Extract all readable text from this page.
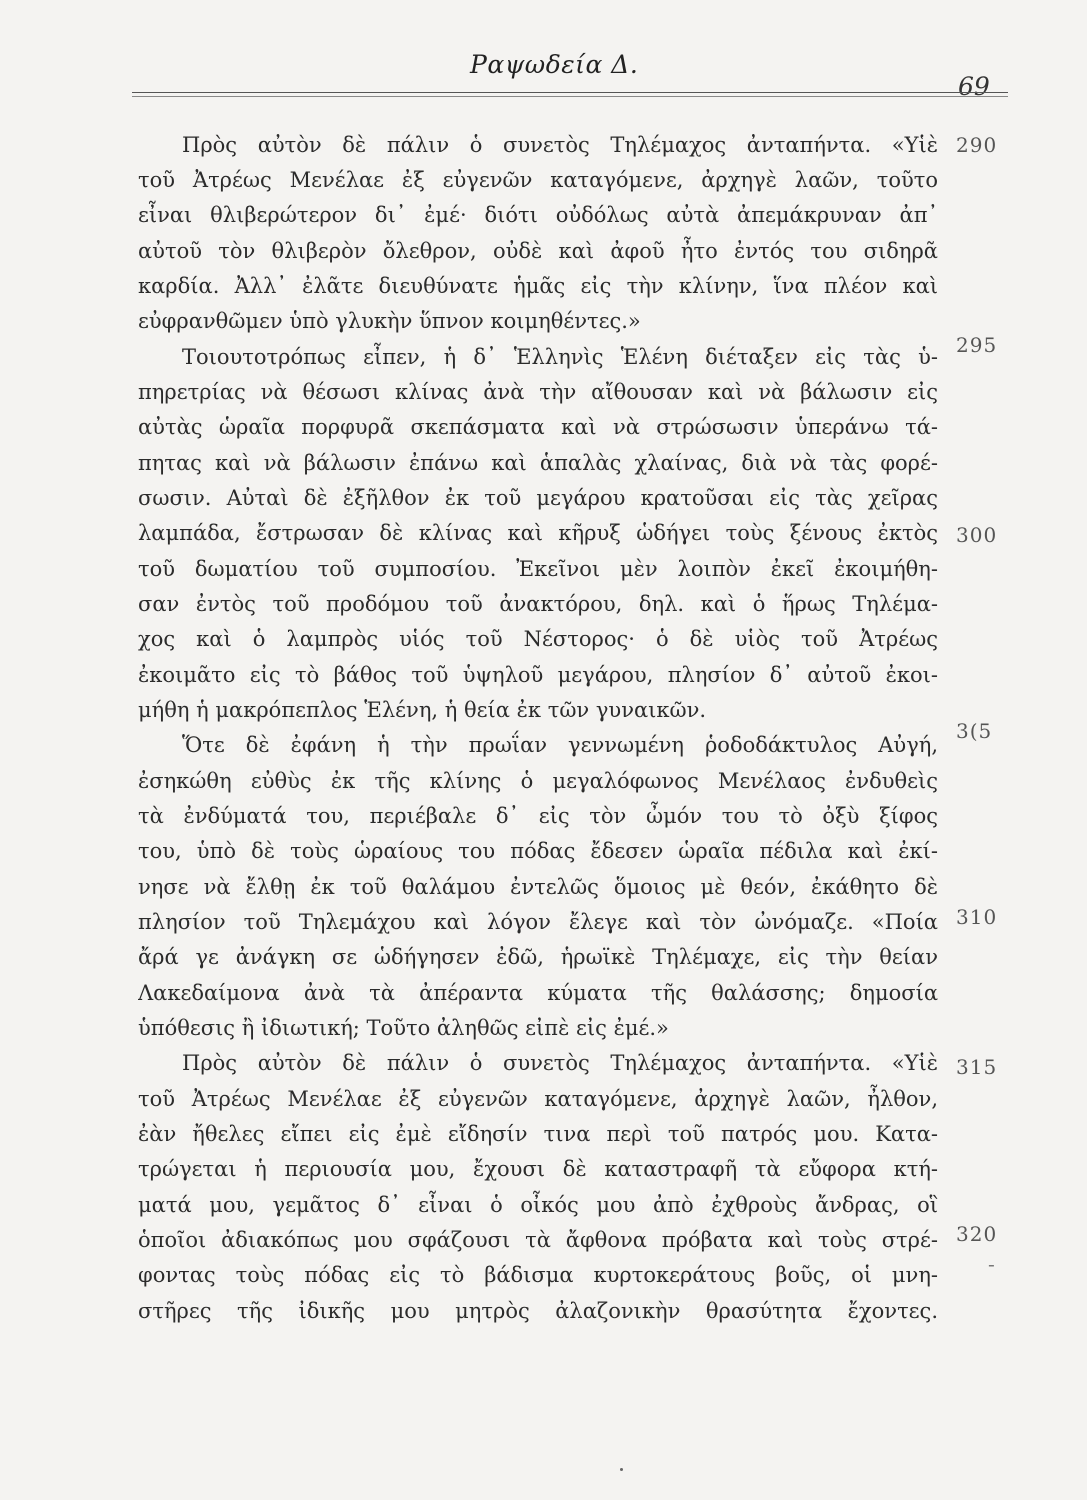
Ραψωδεία Δ.
69
Πρὸς αὐτὸν δὲ πάλιν ὁ συνετὸς Τηλέμαχος ἀνταπήντα. «Υἱὲ
τοῦ Ἀτρέως Μενέλαε ἐξ εὐγενῶν καταγόμενε, ἀρχηγὲ λαῶν, τοῦτο
εἶναι θλιβερώτερον δι᾽ ἐμέ· διότι οὐδόλως αὐτὰ ἀπεμάκρυναν ἀπ᾽
αὐτοῦ τὸν θλιβερὸν ὄλεθρον, οὐδὲ καὶ ἀφοῦ ἦτο ἐντός του σιδηρᾶ
καρδία. Ἀλλ᾽ ἐλᾶτε διευθύνατε ἡμᾶς εἰς τὴν κλίνην, ἵνα πλέον καὶ
εὐφρανθῶμεν ὑπὸ γλυκὴν ὕπνον κοιμηθέντες.»
Τοιουτοτρόπως εἶπεν, ἡ δ᾽ Ἑλληνὶς Ἑλένη διέταξεν εἰς τὰς ὑ-
πηρετρίας νὰ θέσωσι κλίνας ἀνὰ τὴν αἴθουσαν καὶ νὰ βάλωσιν εἰς
αὐτὰς ὡραῖα πορφυρᾶ σκεπάσματα καὶ νὰ στρώσωσιν ὑπεράνω τά-
πητας καὶ νὰ βάλωσιν ἐπάνω καὶ ἁπαλὰς χλαίνας, διὰ νὰ τὰς φορέ-
σωσιν. Αὐταὶ δὲ ἐξῆλθον ἐκ τοῦ μεγάρου κρατοῦσαι εἰς τὰς χεῖρας
λαμπάδα, ἔστρωσαν δὲ κλίνας καὶ κῆρυξ ὡδήγει τοὺς ξένους ἐκτὸς
τοῦ δωματίου τοῦ συμποσίου. Ἐκεῖνοι μὲν λοιπὸν ἐκεῖ ἐκοιμήθη-
σαν ἐντὸς τοῦ προδόμου τοῦ ἀνακτόρου, δηλ. καὶ ὁ ἥρως Τηλέμα-
χος καὶ ὁ λαμπρὸς υἱός τοῦ Νέστορος· ὁ δὲ υἱὸς τοῦ Ἀτρέως
ἐκοιμᾶτο εἰς τὸ βάθος τοῦ ὑψηλοῦ μεγάρου, πλησίον δ᾽ αὐτοῦ ἐκοι-
μήθη ἡ μακρόπεπλος Ἑλένη, ἡ θεία ἐκ τῶν γυναικῶν.
Ὅτε δὲ ἐφάνη ἡ τὴν πρωΐαν γεννωμένη ῥοδοδάκτυλος Αὐγή,
ἐσηκώθη εὐθὺς ἐκ τῆς κλίνης ὁ μεγαλόφωνος Μενέλαος ἐνδυθεὶς
τὰ ἐνδύματά του, περιέβαλε δ᾽ εἰς τὸν ὦμόν του τὸ ὀξὺ ξίφος
του, ὑπὸ δὲ τοὺς ὡραίους του πόδας ἔδεσεν ὡραῖα πέδιλα καὶ ἐκί-
νησε νὰ ἔλθῃ ἐκ τοῦ θαλάμου ἐντελῶς ὅμοιος μὲ θεόν, ἐκάθητο δὲ
πλησίον τοῦ Τηλεμάχου καὶ λόγον ἔλεγε καὶ τὸν ὠνόμαζε. «Ποία
ἄρά γε ἀνάγκη σε ὡδήγησεν ἐδῶ, ἡρωϊκὲ Τηλέμαχε, εἰς τὴν θείαν
Λακεδαίμονα ἀνὰ τὰ ἀπέραντα κύματα τῆς θαλάσσης; δημοσία
ὑπόθεσις ἢ ἰδιωτική; Τοῦτο ἀληθῶς εἰπὲ εἰς ἐμέ.»
Πρὸς αὐτὸν δὲ πάλιν ὁ συνετὸς Τηλέμαχος ἀνταπήντα. «Υἱὲ
τοῦ Ἀτρέως Μενέλαε ἐξ εὐγενῶν καταγόμενε, ἀρχηγὲ λαῶν, ἦλθον,
ἐὰν ἤθελες εἴπει εἰς ἐμὲ εἴδησίν τινα περὶ τοῦ πατρός μου. Κατα-
τρώγεται ἡ περιουσία μου, ἔχουσι δὲ καταστραφῆ τὰ εὔφορα κτή-
ματά μου, γεμᾶτος δ᾽ εἶναι ὁ οἶκός μου ἀπὸ ἐχθροὺς ἄνδρας, οἳ
ὁποῖοι ἀδιακόπως μου σφάζουσι τὰ ἄφθονα πρόβατα καὶ τοὺς στρέ-
φοντας τοὺς πόδας εἰς τὸ βάδισμα κυρτοκεράτους βοῦς, οἱ μνη-
στῆρες τῆς ἰδικῆς μου μητρὸς ἀλαζονικὴν θρασύτητα ἔχοντες.
290
295
300
3(5
310
315
320
-
